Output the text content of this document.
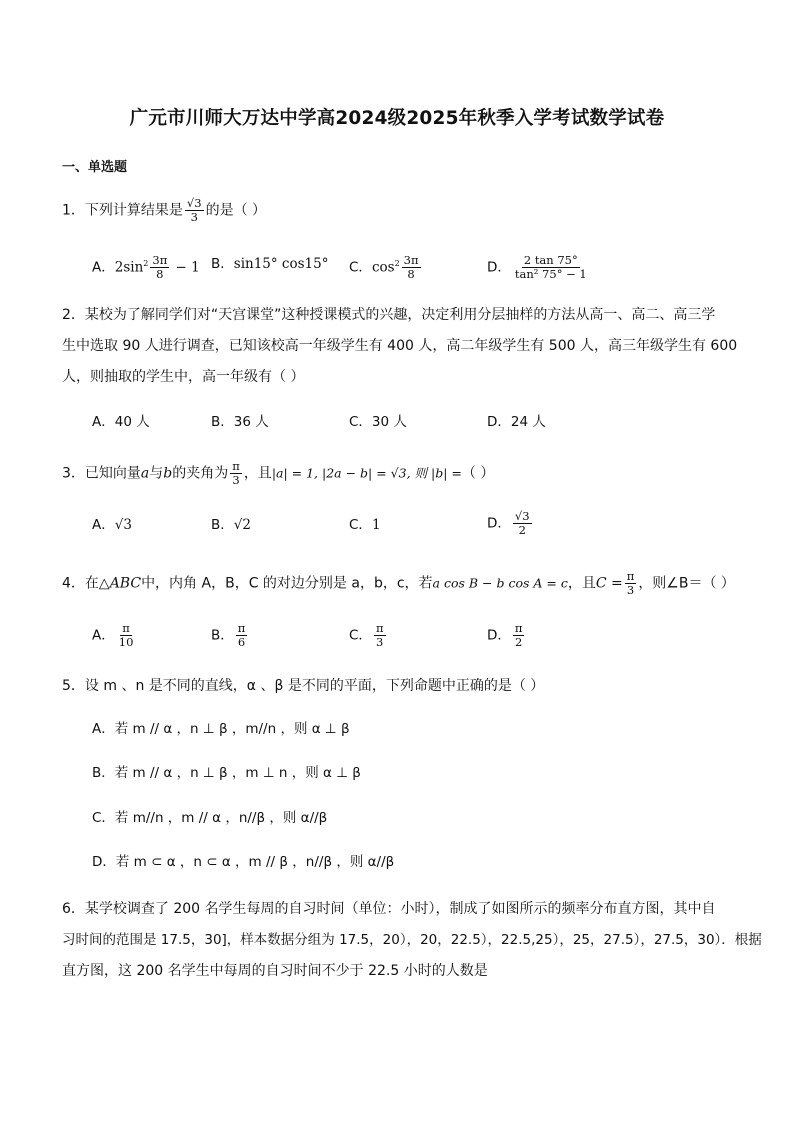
广元市川师大万达中学高2024级2025年秋季入学考试数学试卷
一、单选题
1．下列计算结果是 $\frac{√3}{3}$ 的是（ ）
A．$2\sin^2 \frac{3\pi}{8} - 1$ B．sin15° cos15° C．$\cos^2 \frac{3\pi}{8}$	D． $\frac{2 \tan 75^\circ}{\text{tan² 75° − 1}}$
2．某校为了解同学们对“天宫课堂”这种授课模式的兴趣，决定利用分层抽样的方法从高一、高二、高三学
生中选取 90 人进行调查，已知该校高一年级学生有 400 人，高二年级学生有 500 人，高三年级学生有 600
人，则抽取的学生中，高一年级有（ ）
A．40 人	B．36 人	C．30 人	D．24 人
3．已知向量a与b的夹角为 $\frac{\pi}{3}$ ，且|a| = 1, |2a − b| = √3, 则 |b| =（ ）
A．√3	B．√2	C．1	D． $\frac{√3}{2}$
4．在△ABC中，内角 A，B，C 的对边分别是 a，b，c，若a cos B − b cos A = c，且$C = \frac{\pi}{3}$ ，则∠B＝（ ）
A． $\frac{\pi}{10}$	B． $\frac{\pi}{6}$	C． $\frac{\pi}{3}$	D． $\frac{\pi}{2}$
5．设 m 、n 是不同的直线，α 、β 是不同的平面，下列命题中正确的是（ ）
A．若 m // α ，n ⊥ β ，m//n ，则 α ⊥ β
B．若 m // α ，n ⊥ β ，m ⊥ n ，则 α ⊥ β
C．若 m//n ，m // α ，n//β ，则 α//β
D．若 m ⊂ α ，n ⊂ α ，m // β ，n//β ，则 α//β
6．某学校调查了 200 名学生每周的自习时间（单位：小时），制成了如图所示的频率分布直方图，其中自
习时间的范围是 17.5，30]，样本数据分组为 17.5，20），20，22.5），22.5,25），25，27.5），27.5，30）．根据
直方图，这 200 名学生中每周的自习时间不少于 22.5 小时的人数是
